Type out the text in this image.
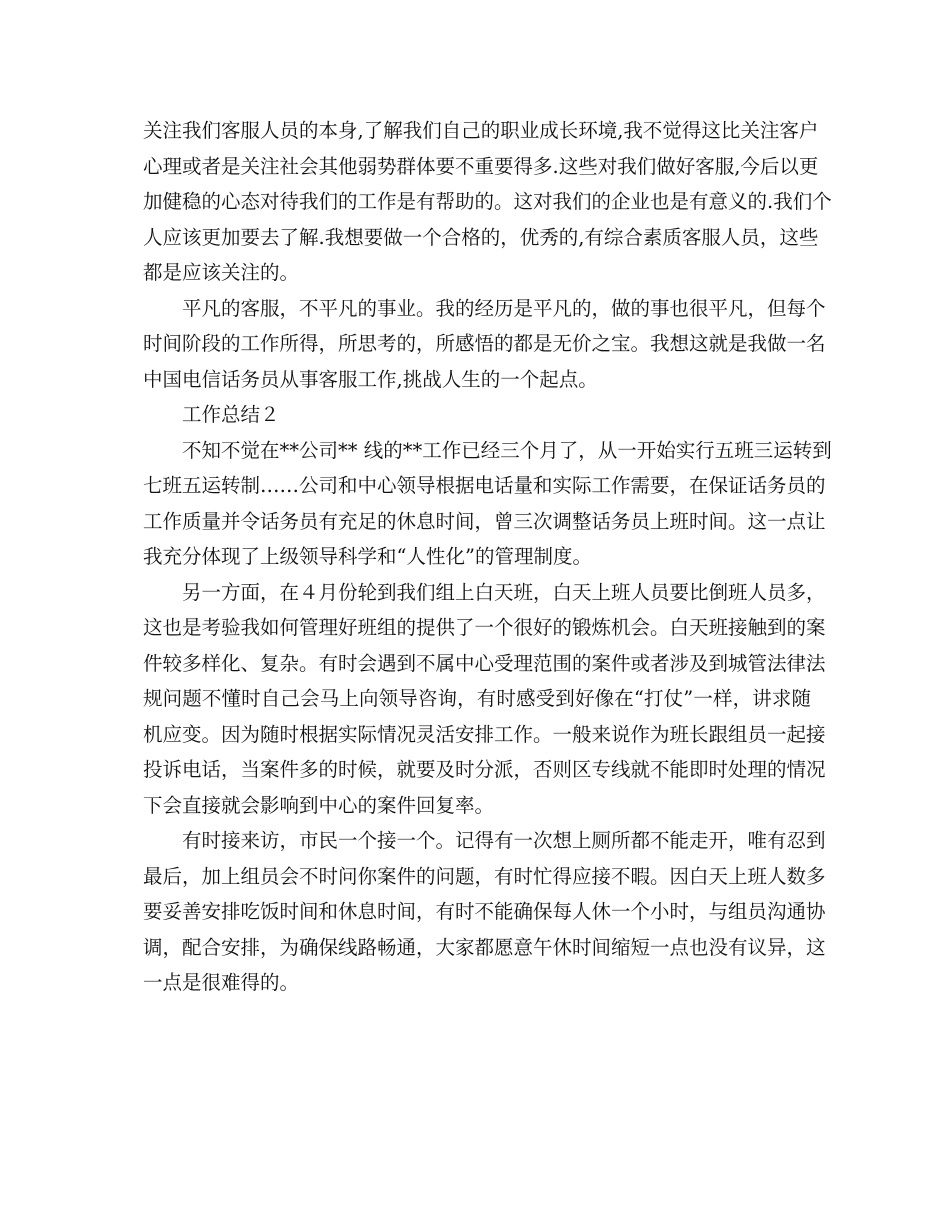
关注我们客服人员的本身,了解我们自己的职业成长环境,我不觉得这比关注客户
心理或者是关注社会其他弱势群体要不重要得多.这些对我们做好客服,今后以更
加健稳的心态对待我们的工作是有帮助的。这对我们的企业也是有意义的.我们个
人应该更加要去了解.我想要做一个合格的，优秀的,有综合素质客服人员，这些
都是应该关注的。
平凡的客服，不平凡的事业。我的经历是平凡的，做的事也很平凡，但每个
时间阶段的工作所得，所思考的，所感悟的都是无价之宝。我想这就是我做一名
中国电信话务员从事客服工作,挑战人生的一个起点。
工作总结２
不知不觉在**公司** 线的**工作已经三个月了，从一开始实行五班三运转到
七班五运转制……公司和中心领导根据电话量和实际工作需要，在保证话务员的
工作质量并令话务员有充足的休息时间，曾三次调整话务员上班时间。这一点让
我充分体现了上级领导科学和“人性化”的管理制度。
另一方面，在４月份轮到我们组上白天班，白天上班人员要比倒班人员多，
这也是考验我如何管理好班组的提供了一个很好的锻炼机会。白天班接触到的案
件较多样化、复杂。有时会遇到不属中心受理范围的案件或者涉及到城管法律法
规问题不懂时自己会马上向领导咨询，有时感受到好像在“打仗”一样，讲求随
机应变。因为随时根据实际情况灵活安排工作。一般来说作为班长跟组员一起接
投诉电话，当案件多的时候，就要及时分派，否则区专线就不能即时处理的情况
下会直接就会影响到中心的案件回复率。
有时接来访，市民一个接一个。记得有一次想上厕所都不能走开，唯有忍到
最后，加上组员会不时问你案件的问题，有时忙得应接不暇。因白天上班人数多
要妥善安排吃饭时间和休息时间，有时不能确保每人休一个小时，与组员沟通协
调，配合安排，为确保线路畅通，大家都愿意午休时间缩短一点也没有议异，这
一点是很难得的。
